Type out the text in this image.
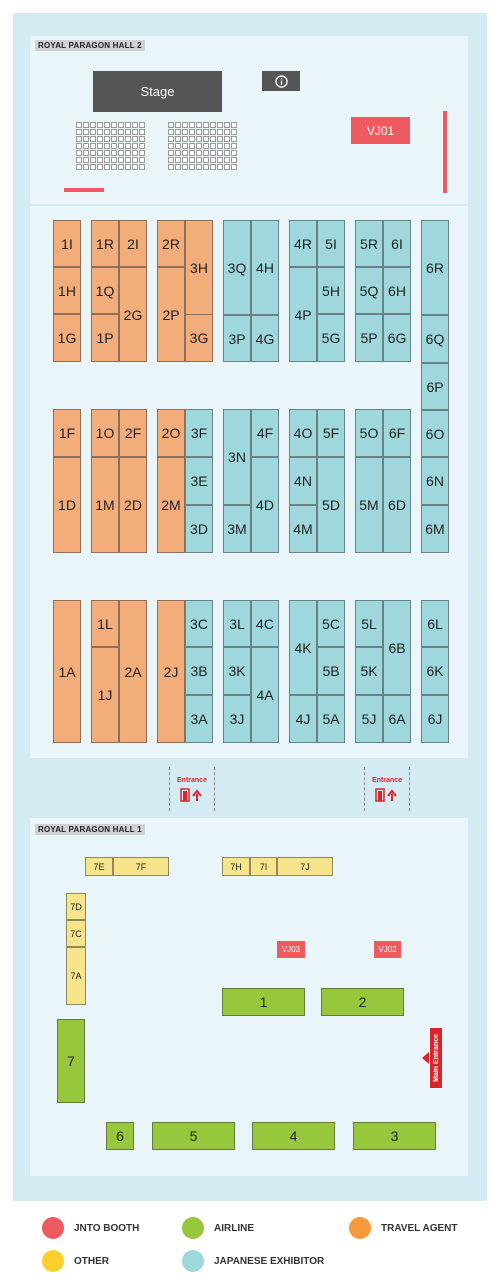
ROYAL PARAGON HALL 2
Stage
VJ01
1I
1H
1G
1R 2I
1Q
2G
1P
2R
3H
2P
3G
1F
1D
1O 2F
1M 2D
2O
2M
1A
1L
2A
1J
2J
3Q 4H
3P 4G
4R 5I
5H
4P
5G
5R 6I
5Q 6H
5P 6G
6R
6Q
6P
6O
6N
6M
3F
3E
3D
3N
4F
4D
3M
4O 5F
4N
5D
4M
5O 6F
5M 6D
3C
3B
3A
3L 4C
3K
4A
3J
4K
5C
5B
4J 5A
5L
6B
5K
5J 6A
6L
6K
6J
Entrance	Entrance
ROYAL PARAGON HALL 1
7E	7F	7H	7I	7J
7D
7C
7A
1	2
7
6	5	4	3
VJ03	VJ02
Main Entrance
JNTO BOOTH	AIRLINE	TRAVEL AGENT
OTHER	JAPANESE EXHIBITOR
